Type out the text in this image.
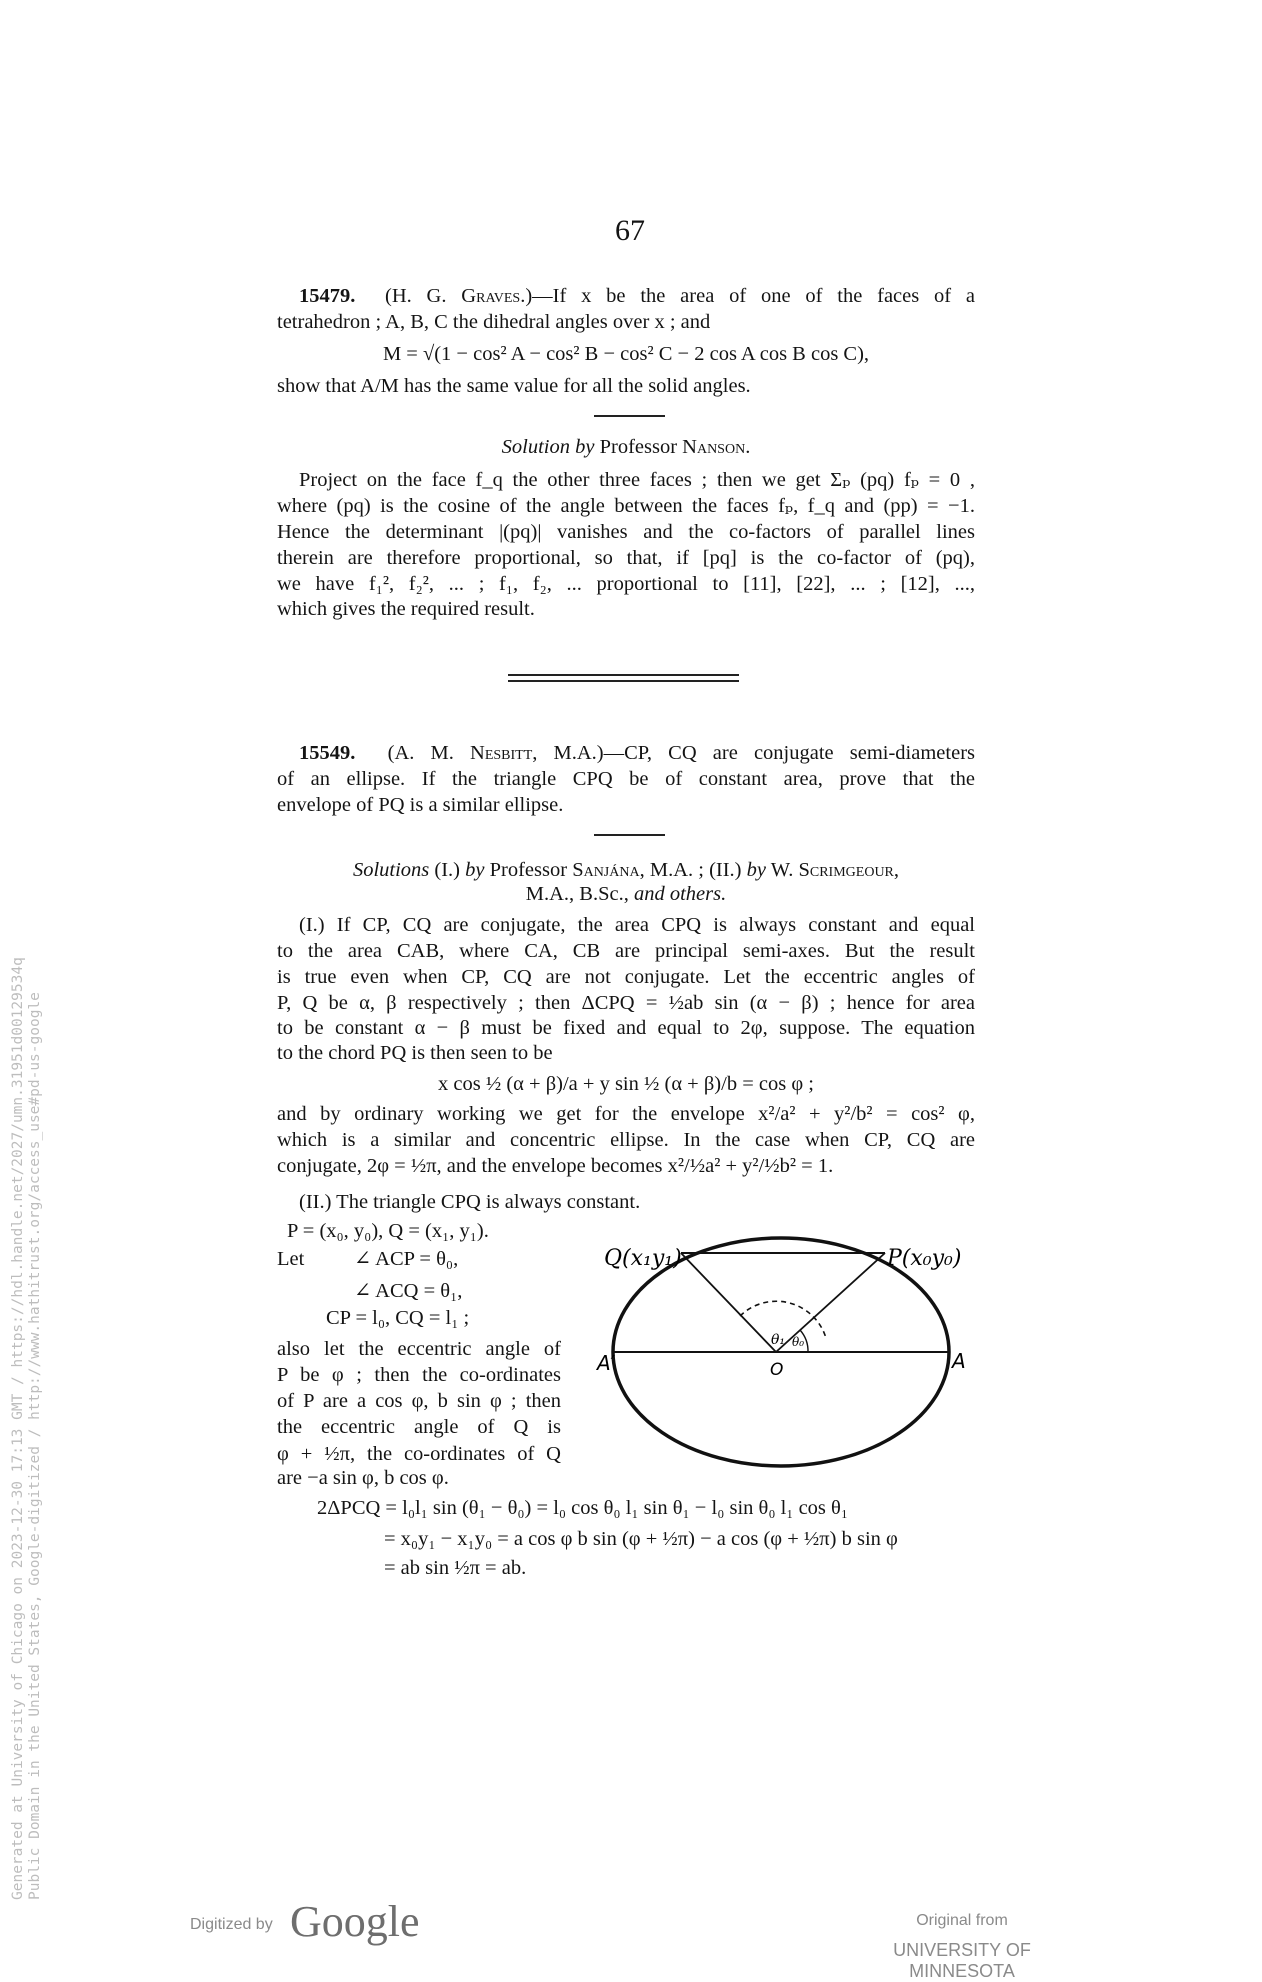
67
15479. (H. G. Graves.)—If x be the area of one of the faces of a
tetrahedron ; A, B, C the dihedral angles over x ; and
M = √(1 − cos² A − cos² B − cos² C − 2 cos A cos B cos C),
show that A/M has the same value for all the solid angles.
Solution by Professor Nanson.
Project on the face f_q the other three faces ; then we get Σₚ (pq) fₚ = 0 ,
where (pq) is the cosine of the angle between the faces fₚ, f_q and (pp) = −1.
Hence the determinant |(pq)| vanishes and the co-factors of parallel lines
therein are therefore proportional, so that, if [pq] is the co-factor of (pq),
we have f₁², f₂², ... ; f₁, f₂, ... proportional to [11], [22], ... ; [12], ...,
which gives the required result.
15549. (A. M. Nesbitt, M.A.)—CP, CQ are conjugate semi-diameters
of an ellipse. If the triangle CPQ be of constant area, prove that the
envelope of PQ is a similar ellipse.
Solutions (I.) by Professor Sanjána, M.A. ; (II.) by W. Scrimgeour,
M.A., B.Sc., and others.
(I.) If CP, CQ are conjugate, the area CPQ is always constant and equal
to the area CAB, where CA, CB are principal semi-axes. But the result
is true even when CP, CQ are not conjugate. Let the eccentric angles of
P, Q be α, β respectively ; then ΔCPQ = ½ab sin (α − β) ; hence for area
to be constant α − β must be fixed and equal to 2φ, suppose. The equation
to the chord PQ is then seen to be
x cos ½ (α + β)/a + y sin ½ (α + β)/b = cos φ ;
and by ordinary working we get for the envelope x²/a² + y²/b² = cos² φ,
which is a similar and concentric ellipse. In the case when CP, CQ are
conjugate, 2φ = ½π, and the envelope becomes x²/½a² + y²/½b² = 1.
(II.) The triangle CPQ is always constant.
P = (x₀, y₀), Q = (x₁, y₁).
Let ∠ ACP = θ₀,
∠ ACQ = θ₁,
CP = l₀, CQ = l₁ ;
also let the eccentric angle of
P be φ ; then the co-ordinates
of P are a cos φ, b sin φ ; then
the eccentric angle of Q is
φ + ½π, the co-ordinates of Q
are −a sin φ, b cos φ.
2ΔPCQ = l₀l₁ sin (θ₁ − θ₀) = l₀ cos θ₀ l₁ sin θ₁ − l₀ sin θ₀ l₁ cos θ₁
= x₀y₁ − x₁y₀ = a cos φ b sin (φ + ½π) − a cos (φ + ½π) b sin φ
= ab sin ½π = ab.
Q(x₁y₁)	P(x₀y₀)
A′	A
O
θ₁ θ₀
Generated at University of Chicago on 2023-12-30 17:13 GMT / https://hdl.handle.net/2027/umn.31951d00129534q Public Domain in the United States, Google-digitized / http://www.hathitrust.org/access_use#pd-us-google
Digitized by Google	Original from
UNIVERSITY OF MINNESOTA
